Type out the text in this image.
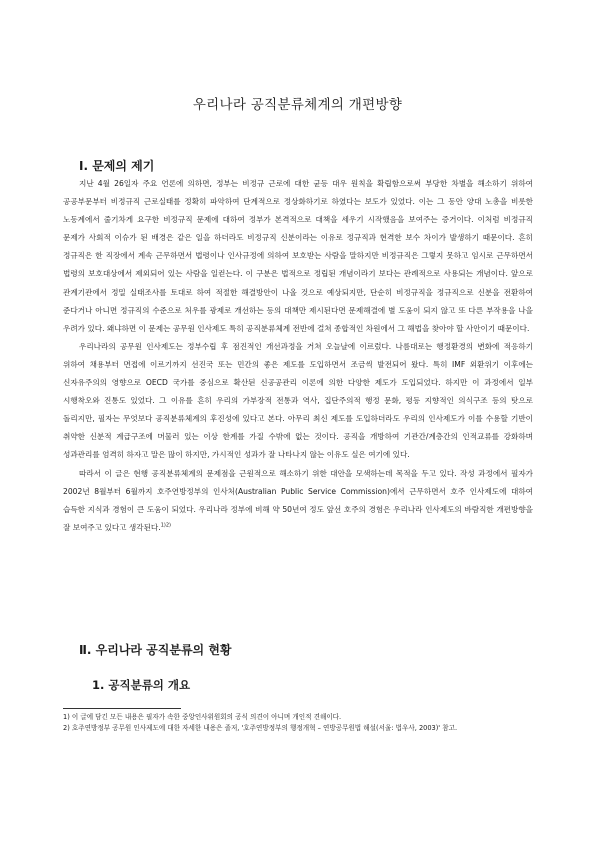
우리나라 공직분류체계의 개편방향
Ⅰ. 문제의 제기

지난 4월 26일자 주요 언론에 의하면, 정부는 비정규 근로에 대한 균등 대우 원칙을 확립함으로써 부당한 차별을 해소하기 위하여 공공부문부터 비정규직 근로실태를 정확히 파악하여 단계적으로 정상화하기로 하였다는 보도가 있었다. 이는 그 동안 양대 노총을 비롯한 노동계에서 줄기차게 요구한 비정규직 문제에 대하여 정부가 본격적으로 대책을 세우기 시작했음을 보여주는 증거이다. 이처럼 비정규직 문제가 사회적 이슈가 된 배경은 같은 일을 하더라도 비정규직 신분이라는 이유로 정규직과 현격한 보수 차이가 발생하기 때문이다. 흔히 정규직은 한 직장에서 계속 근무하면서 법령이나 인사규정에 의하여 보호받는 사람을 말하지만 비정규직은 그렇지 못하고 임시로 근무하면서 법령의 보호대상에서 제외되어 있는 사람을 일컫는다. 이 구분은 법적으로 정립된 개념이라기 보다는 관례적으로 사용되는 개념이다. 앞으로 관계기관에서 정밀 실태조사를 토대로 하여 적절한 해결방안이 나올 것으로 예상되지만, 단순히 비정규직을 정규직으로 신분을 전환하여 준다거나 아니면 정규직의 수준으로 처우를 광제로 개선하는 등의 대책만 제시된다면 문제해결에 별 도움이 되지 않고 또 다른 부작용을 나을 우려가 있다. 왜냐하면 이 문제는 공무원 인사제도 특히 공직분류체계 전반에 걸쳐 종합적인 차원에서 그 해법을 찾아야 할 사안이기 때문이다.

우리나라의 공무원 인사제도는 정부수립 후 점진적인 개선과정을 거쳐 오늘날에 이르렀다. 나름대로는 행정환경의 변화에 적응하기 위하여 채용부터 면접에 이르기까지 선진국 또는 민간의 좋은 제도를 도입하면서 조금씩 발전되어 왔다. 특히 IMF 외환위기 이후에는 신자유주의의 영향으로 OECD 국가를 중심으로 확산된 신공공관리 이론에 의한 다양한 제도가 도입되었다. 하지만 이 과정에서 일부 시행착오와 진통도 있었다. 그 이유를 흔히 우리의 가부장적 전통과 역사, 집단주의적 행정 문화, 평등 지향적인 의식구조 등의 탓으로 돌리지만, 필자는 무엇보다 공직분류체계의 후진성에 있다고 본다. 아무리 최신 제도를 도입하더라도 우리의 인사제도가 이를 수용할 기반이 취약한 신분적 계급구조에 머물러 있는 이상 한계를 가질 수밖에 없는 것이다. 공직을 개방하여 기관간/계층간의 인적교류를 강화하며 성과관리를 엄격히 하자고 말은 많이 하지만, 가시적인 성과가 잘 나타나지 않는 이유도 실은 여기에 있다.

따라서 이 글은 현행 공직분류체계의 문제점을 근원적으로 해소하기 위한 대안을 모색하는데 목적을 두고 있다. 작성 과정에서 필자가 2002년 8월부터 6월까지 호주연방정부의 인사처(Australian Public Service Commission)에서 근무하면서 호주 인사제도에 대하여 습득한 지식과 경험이 큰 도움이 되었다. 우리나라 정부에 비해 약 50년여 정도 앞선 호주의 경험은 우리나라 인사제도의 바람직한 개편방향을 잘 보여주고 있다고 생각된다.$^{1)2)}$

Ⅱ. 우리나라 공직분류의 현황
1. 공직분류의 개요

1) 이 글에 담긴 모든 내용은 필자가 속한 중앙인사위원회의 공식 의견이 아니며 개인적 견해이다.

2) 호주연방정부 공무원 인사제도에 대한 자세한 내용은 졸저, '호주연방정부의 행정개혁 – 연방공무원법 해설(서울: 법우사, 2003)' 참고.
